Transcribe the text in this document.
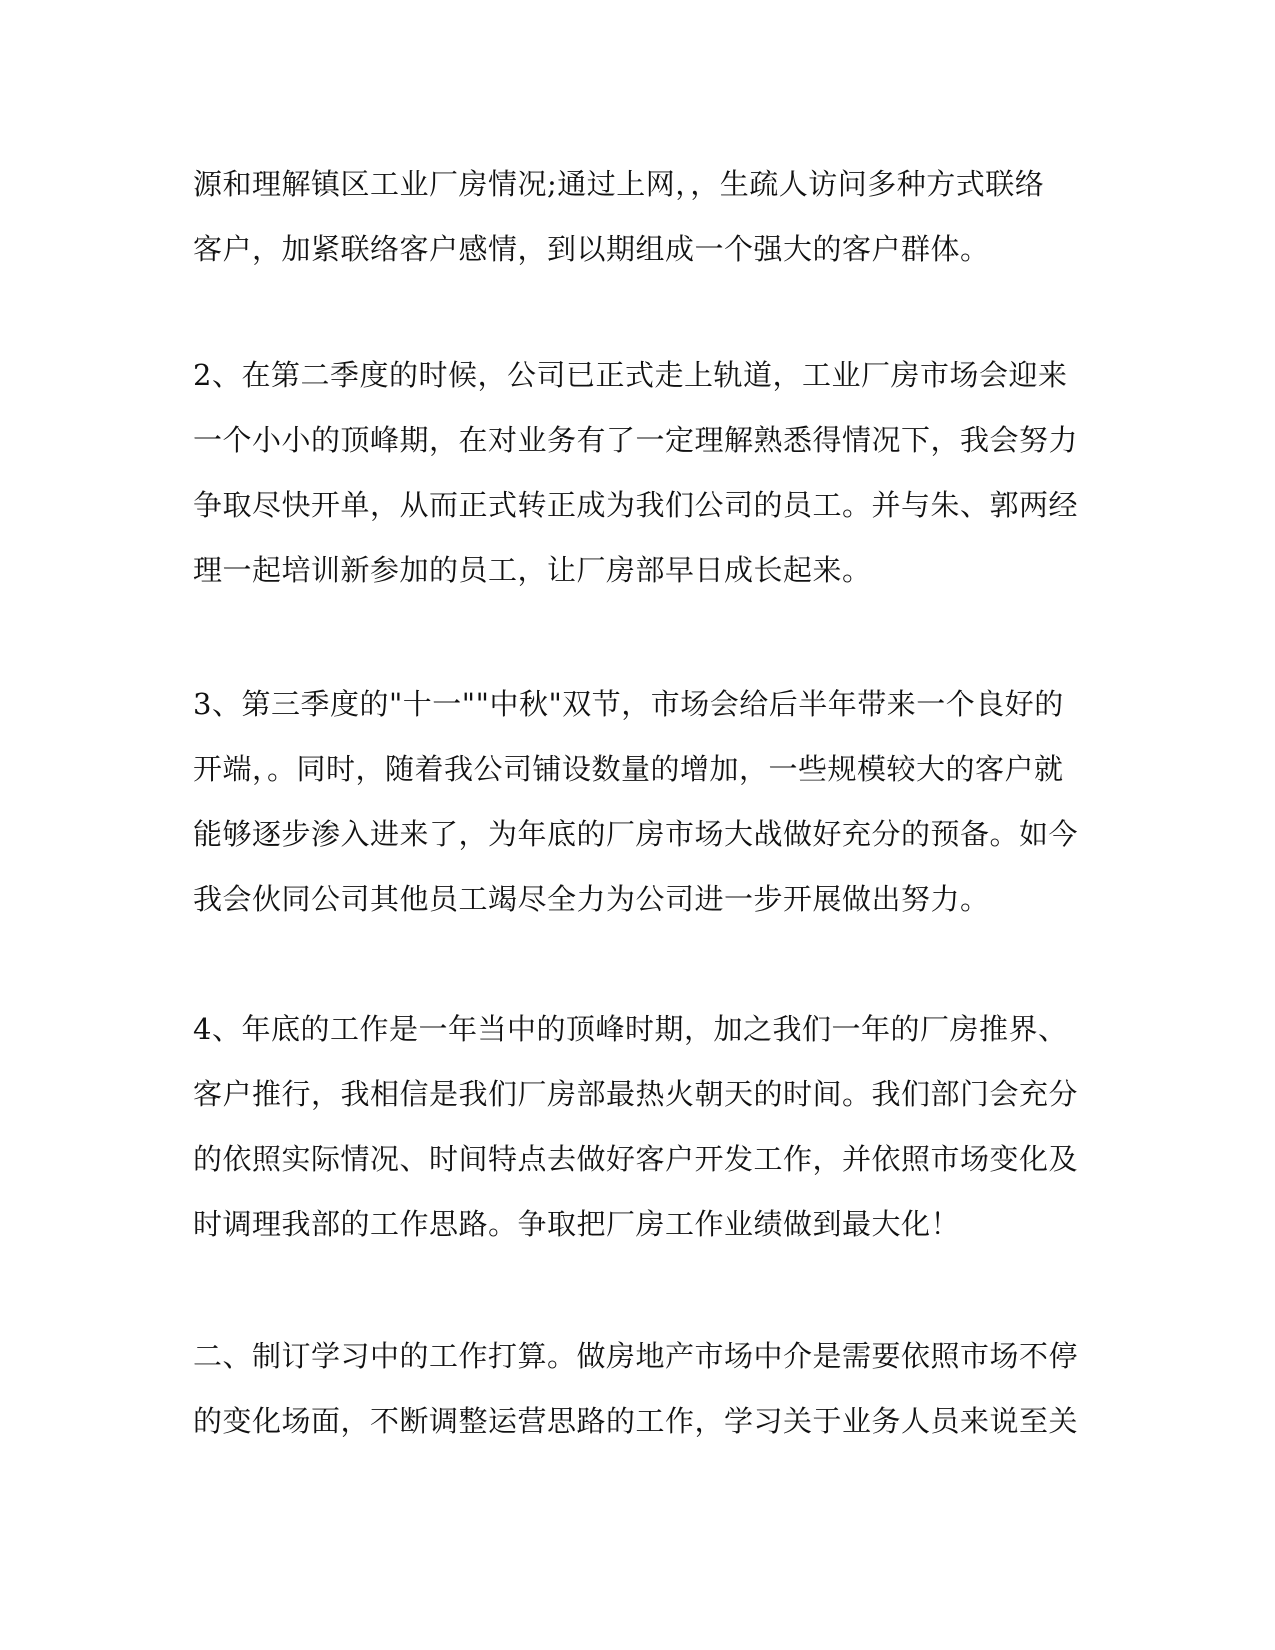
源和理解镇区工业厂房情况;通过上网，，生疏人访问多种方式联络
客户，加紧联络客户感情，到以期组成一个强大的客户群体。
2、在第二季度的时候，公司已正式走上轨道，工业厂房市场会迎来
一个小小的顶峰期，在对业务有了一定理解熟悉得情况下，我会努力
争取尽快开单，从而正式转正成为我们公司的员工。并与朱、郭两经
理一起培训新参加的员工，让厂房部早日成长起来。
3、第三季度的"十一""中秋"双节，市场会给后半年带来一个良好的
开端，。同时，随着我公司铺设数量的增加，一些规模较大的客户就
能够逐步渗入进来了，为年底的厂房市场大战做好充分的预备。如今
我会伙同公司其他员工竭尽全力为公司进一步开展做出努力。
4、年底的工作是一年当中的顶峰时期，加之我们一年的厂房推界、
客户推行，我相信是我们厂房部最热火朝天的时间。我们部门会充分
的依照实际情况、时间特点去做好客户开发工作，并依照市场变化及
时调理我部的工作思路。争取把厂房工作业绩做到最大化！
二、制订学习中的工作打算。做房地产市场中介是需要依照市场不停
的变化场面，不断调整运营思路的工作，学习关于业务人员来说至关
